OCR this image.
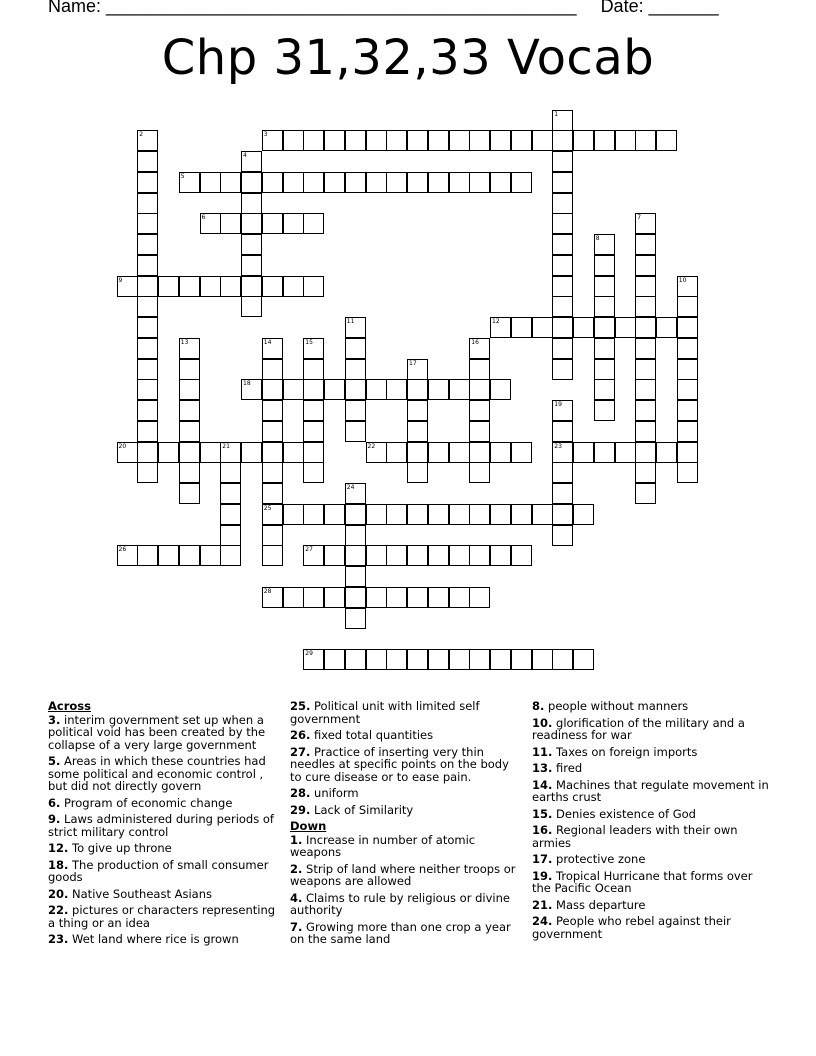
Name: _______________________________________________ Date: _______
Chp 31,32,33 Vocab
1
2	3
4
5
6	7
8
9	10
11	12
13	14	15	16
17
18
19
20	21	22	23
24
25
26	27
28
29
Across
3. interim government set up when a political void has been created by the collapse of a very large government
5. Areas in which these countries had some political and economic control , but did not directly govern
6. Program of economic change
9. Laws administered during periods of strict military control
12. To give up throne
18. The production of small consumer goods
20. Native Southeast Asians
22. pictures or characters representing a thing or an idea
23. Wet land where rice is grown
25. Political unit with limited self government
26. fixed total quantities
27. Practice of inserting very thin needles at specific points on the body to cure disease or to ease pain.
28. uniform
29. Lack of Similarity
Down
1. Increase in number of atomic weapons
2. Strip of land where neither troops or weapons are allowed
4. Claims to rule by religious or divine authority
7. Growing more than one crop a year on the same land
8. people without manners
10. glorification of the military and a readiness for war
11. Taxes on foreign imports
13. fired
14. Machines that regulate movement in earths crust
15. Denies existence of God
16. Regional leaders with their own armies
17. protective zone
19. Tropical Hurricane that forms over the Pacific Ocean
21. Mass departure
24. People who rebel against their government
